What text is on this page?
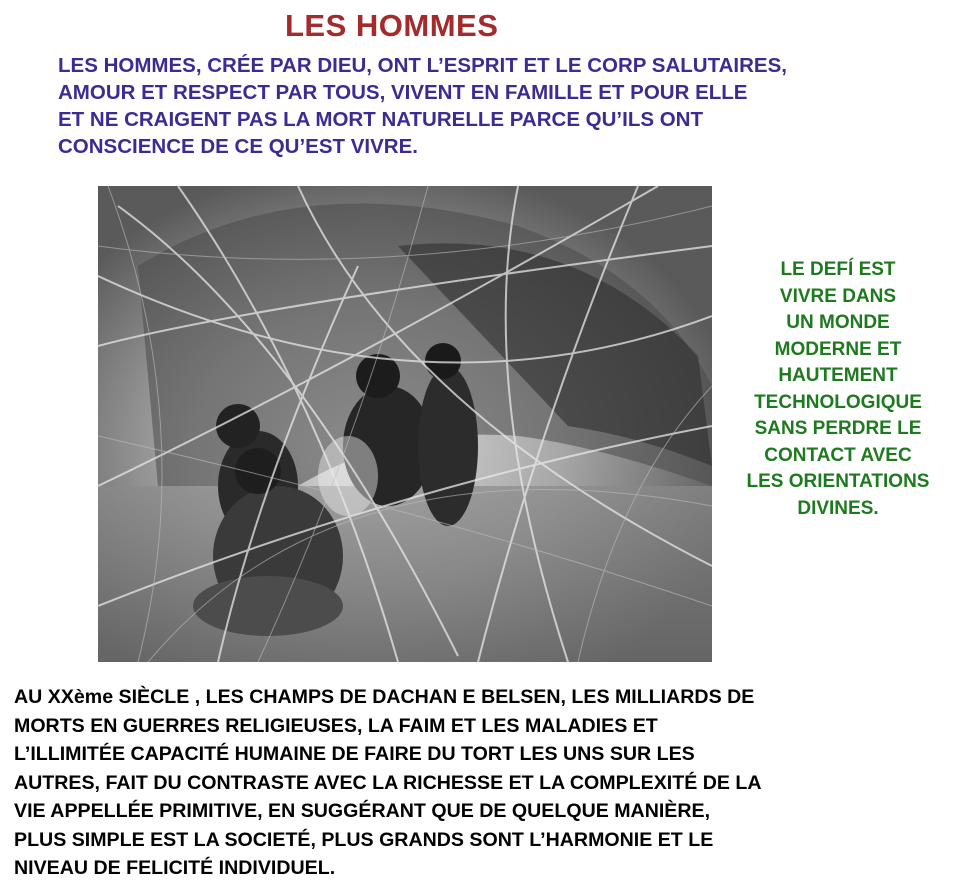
LES HOMMES
LES HOMMES, CRÉE PAR DIEU, ONT L’ESPRIT ET LE CORP SALUTAIRES,
AMOUR ET RESPECT PAR TOUS, VIVENT EN FAMILLE ET POUR ELLE
ET NE CRAIGENT PAS LA MORT NATURELLE PARCE QU’ILS ONT
CONSCIENCE DE CE QU’EST VIVRE.
LE DEFÍ EST
VIVRE DANS
UN MONDE
MODERNE ET
HAUTEMENT
TECHNOLOGIQUE
SANS PERDRE LE
CONTACT AVEC
LES ORIENTATIONS
DIVINES.
AU XXème SIÈCLE , LES CHAMPS DE DACHAN E BELSEN, LES MILLIARDS DE
MORTS EN GUERRES RELIGIEUSES, LA FAIM ET LES MALADIES ET
L’ILLIMITÉE CAPACITÉ HUMAINE DE FAIRE DU TORT LES UNS SUR LES
AUTRES, FAIT DU CONTRASTE AVEC LA RICHESSE ET LA COMPLEXITÉ DE LA
VIE APPELLÉE PRIMITIVE, EN SUGGÉRANT QUE DE QUELQUE MANIÈRE,
PLUS SIMPLE EST LA SOCIETÉ, PLUS GRANDS SONT L’HARMONIE ET LE
NIVEAU DE FELICITÉ INDIVIDUEL.
